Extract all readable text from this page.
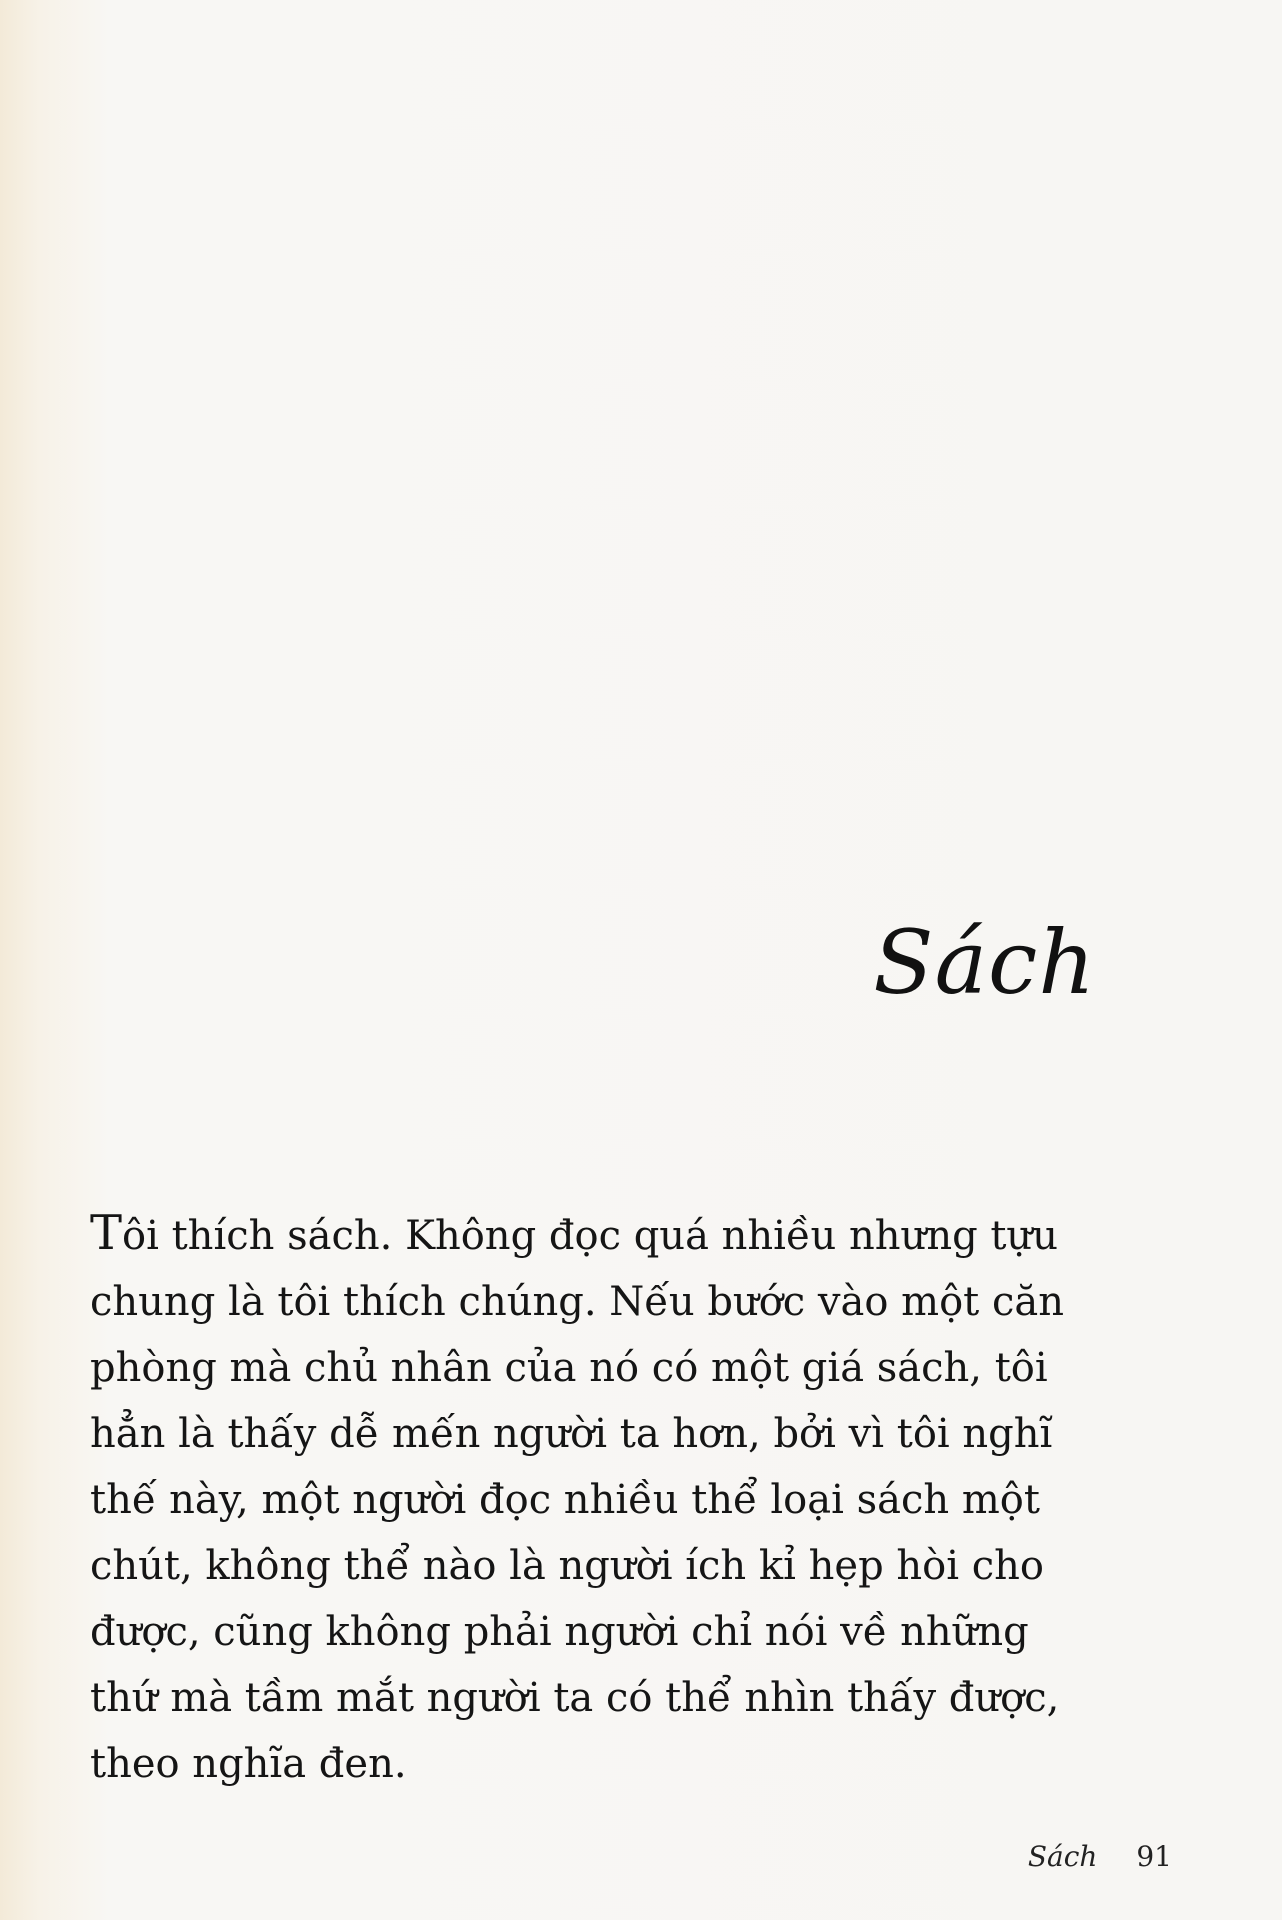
Sách

Tôi thích sách. Không đọc quá nhiều nhưng tựu chung là tôi thích chúng. Nếu bước vào một căn phòng mà chủ nhân của nó có một giá sách, tôi hẳn là thấy dễ mến người ta hơn, bởi vì tôi nghĩ thế này, một người đọc nhiều thể loại sách một chút, không thể nào là người ích kỉ hẹp hòi cho được, cũng không phải người chỉ nói về những thứ mà tầm mắt người ta có thể nhìn thấy được, theo nghĩa đen.

Sách 91
